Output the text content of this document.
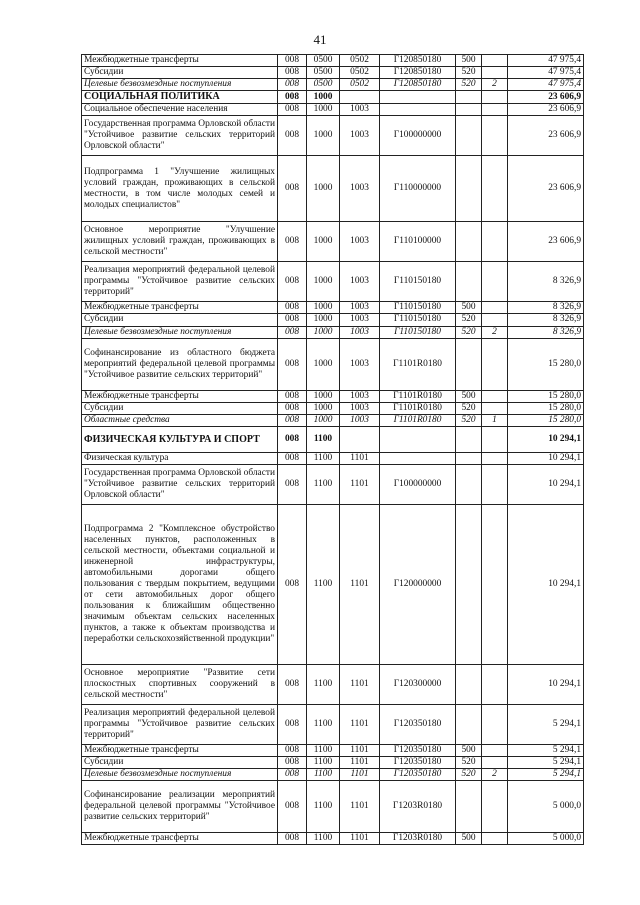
41
Межбюджетные трансферты	008	0500	0502	Г120850180	500		47 975,4
Субсидии	008	0500	0502	Г120850180	520		47 975,4
Целевые безвозмездные поступления	008	0500	0502	Г120850180	520	2	47 975,4
СОЦИАЛЬНАЯ ПОЛИТИКА	008	1000					23 606,9
Социальное обеспечение населения	008	1000	1003				23 606,9
Государственная программа Орловской области "Устойчивое развитие сельских территорий Орловской области"	008	1000	1003	Г100000000			23 606,9
Подпрограмма 1 "Улучшение жилищных условий граждан, проживающих в сельской местности, в том числе молодых семей и молодых специалистов"	008	1000	1003	Г110000000			23 606,9
Основное мероприятие "Улучшение жилищных условий граждан, проживающих в сельской местности"	008	1000	1003	Г110100000			23 606,9
Реализация мероприятий федеральной целевой программы "Устойчивое развитие сельских территорий"	008	1000	1003	Г110150180			8 326,9
Межбюджетные трансферты	008	1000	1003	Г110150180	500		8 326,9
Субсидии	008	1000	1003	Г110150180	520		8 326,9
Целевые безвозмездные поступления	008	1000	1003	Г110150180	520	2	8 326,9
Софинансирование из областного бюджета мероприятий федеральной целевой программы "Устойчивое развитие сельских территорий"	008	1000	1003	Г1101R0180			15 280,0
Межбюджетные трансферты	008	1000	1003	Г1101R0180	500		15 280,0
Субсидии	008	1000	1003	Г1101R0180	520		15 280,0
Областные средства	008	1000	1003	Г1101R0180	520	1	15 280,0
ФИЗИЧЕСКАЯ КУЛЬТУРА И СПОРТ	008	1100					10 294,1
Физическая культура	008	1100	1101				10 294,1
Государственная программа Орловской области "Устойчивое развитие сельских территорий Орловской области"	008	1100	1101	Г100000000			10 294,1
Подпрограмма 2 "Комплексное обустройство населенных пунктов, расположенных в сельской местности, объектами социальной и инженерной инфраструктуры, автомобильными дорогами общего пользования с твердым покрытием, ведущими от сети автомобильных дорог общего пользования к ближайшим общественно значимым объектам сельских населенных пунктов, а также к объектам производства и переработки сельскохозяйственной продукции"	008	1100	1101	Г120000000			10 294,1
Основное мероприятие "Развитие сети плоскостных спортивных сооружений в сельской местности"	008	1100	1101	Г120300000			10 294,1
Реализация мероприятий федеральной целевой программы "Устойчивое развитие сельских территорий"	008	1100	1101	Г120350180			5 294,1
Межбюджетные трансферты	008	1100	1101	Г120350180	500		5 294,1
Субсидии	008	1100	1101	Г120350180	520		5 294,1
Целевые безвозмездные поступления	008	1100	1101	Г120350180	520	2	5 294,1
Софинансирование реализации мероприятий федеральной целевой программы "Устойчивое развитие сельских территорий"	008	1100	1101	Г1203R0180			5 000,0
Межбюджетные трансферты	008	1100	1101	Г1203R0180	500		5 000,0
